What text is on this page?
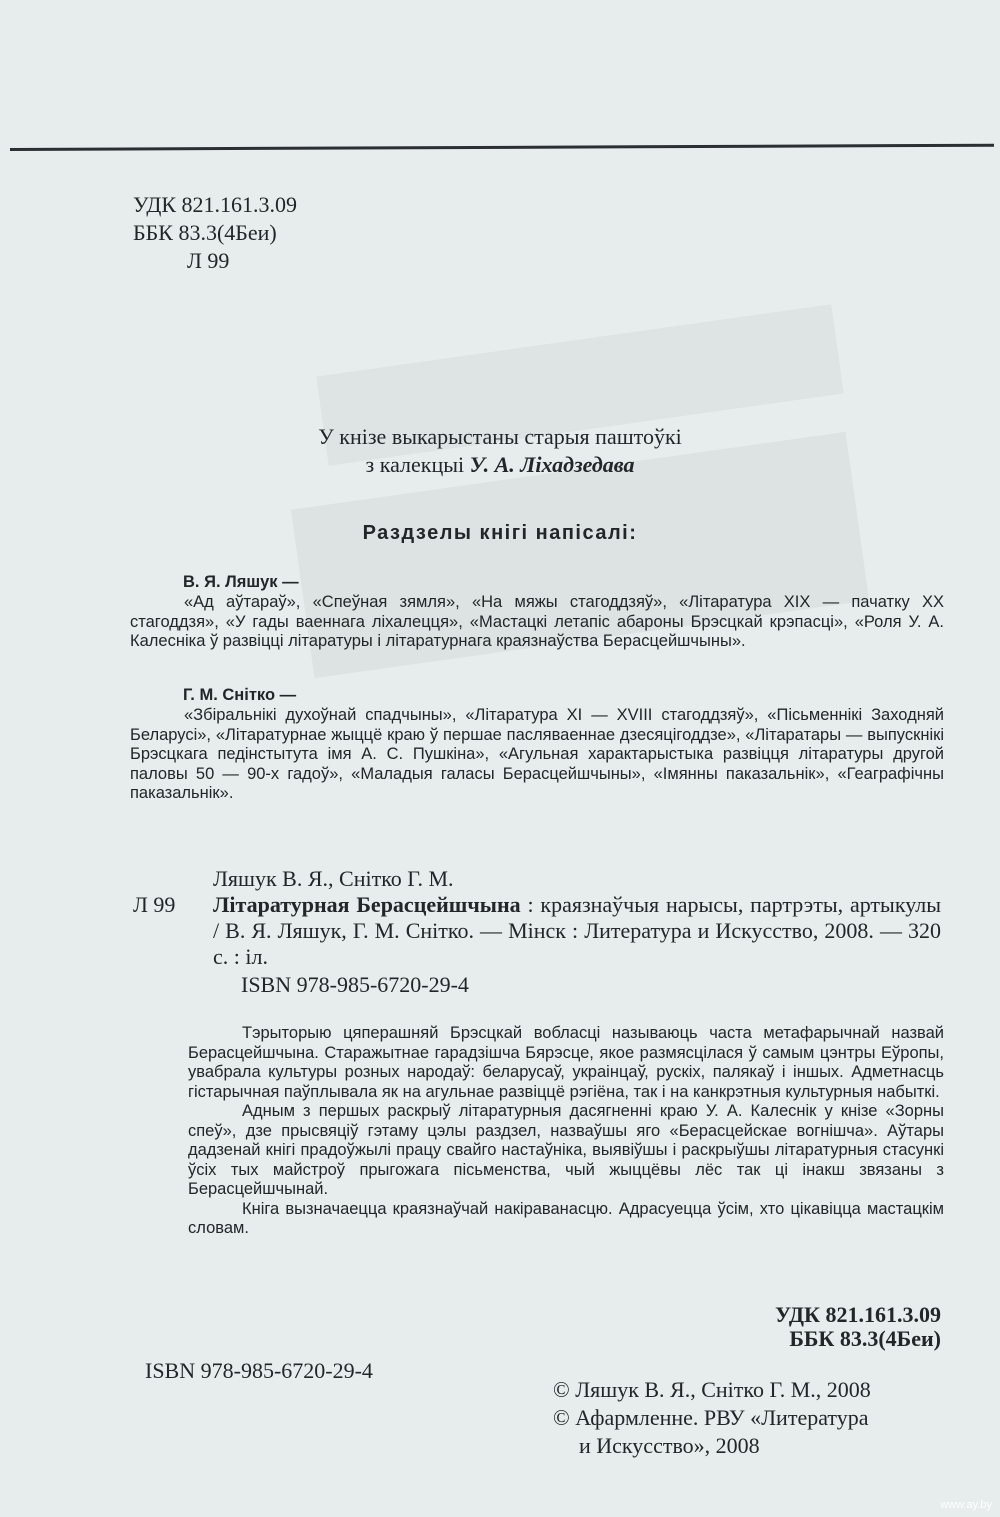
УДК 821.161.3.09
ББК 83.3(4Беи)
Л 99
У кнізе выкарыстаны старыя паштоўкі
з калекцыі У. А. Ліхадзедава
Раздзелы кнігі напісалі:
В. Я. Ляшук —
«Ад аўтараў», «Спеўная зямля», «На мяжы стагоддзяў», «Літаратура XIX — пачатку XX стагоддзя», «У гады ваеннага ліхалецця», «Мастацкі летапіс абароны Брэсцкай крэпасці», «Роля У. А. Калесніка ў развіцці літаратуры і літаратурнага краязнаўства Берасцейшчыны».
Г. М. Снітко —
«Збіральнікі духоўнай спадчыны», «Літаратура XI — XVIII стагоддзяў», «Пісьменнікі Заходняй Беларусі», «Літаратурнае жыццё краю ў першае пасляваеннае дзесяцігоддзе», «Літаратары — выпускнікі Брэсцкага педінстытута імя А. С. Пушкіна», «Агульная характарыстыка развіцця літаратуры другой паловы 50 — 90-х гадоў», «Маладыя галасы Берасцейшчыны», «Імянны паказальнік», «Геаграфічны паказальнік».
Ляшук В. Я., Снітко Г. М.
Л 99 Літаратурная Берасцейшчына : краязнаўчыя нарысы, партрэты, артыкулы / В. Я. Ляшук, Г. М. Снітко. — Мінск : Литература и Искусство, 2008. — 320 с. : іл.
ISBN 978-985-6720-29-4

Тэрыторыю цяперашняй Брэсцкай вобласці называюць часта метафарычнай назвай Берасцейшчына. Старажытнае гарадзішча Бярэсце, якое размясцілася ў самым цэнтры Еўропы, увабрала культуры розных народаў: беларусаў, украінцаў, рускіх, палякаў і іншых. Адметнасць гістарычная паўплывала як на агульнае развіццё рэгіёна, так і на канкрэтныя культурныя набыткі.

Адным з першых раскрыў літаратурныя дасягненні краю У. А. Калеснік у кнізе «Зорны спеў», дзе прысвяціў гэтаму цэлы раздзел, назваўшы яго «Берасцейскае вогнішча». Аўтары дадзенай кнігі прадоўжылі працу свайго настаўніка, выявіўшы і раскрыўшы літаратурныя стасункі ўсіх тых майстроў прыгожага пісьменства, чый жыццёвы лёс так ці інакш звязаны з Берасцейшчынай.

Кніга вызначаецца краязнаўчай накіраванасцю. Адрасуецца ўсім, хто цікавіцца мастацкім словам.

УДК 821.161.3.09
ББК 83.3(4Беи)
ISBN 978-985-6720-29-4
© Ляшук В. Я., Снітко Г. М., 2008
© Афармленне. РВУ «Литература
и Искусство», 2008
www.ay.by
